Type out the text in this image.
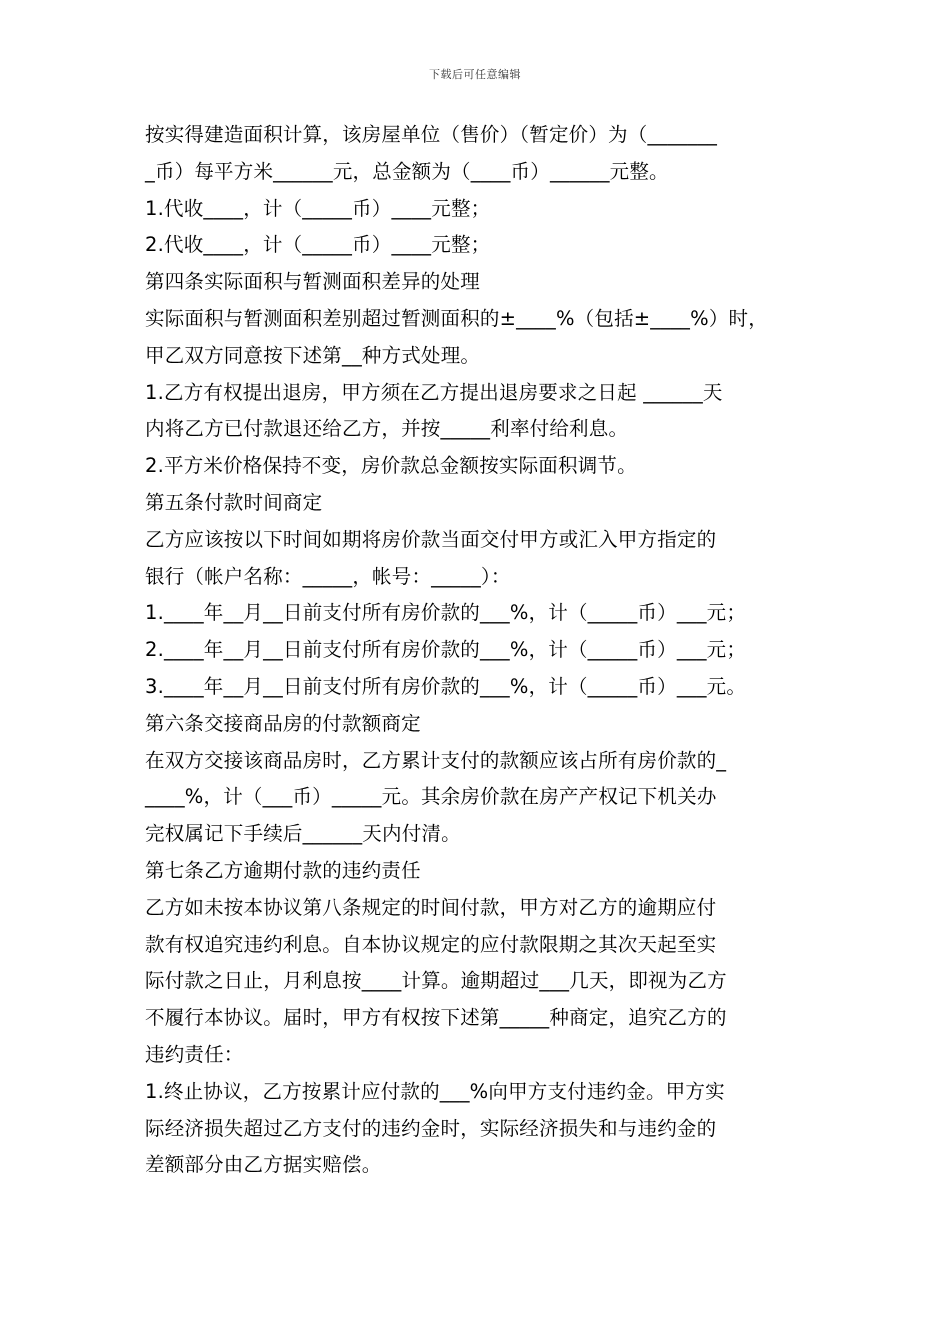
下载后可任意编辑
按实得建造面积计算，该房屋单位（售价）（暂定价）为（_______
_币）每平方米______元，总金额为（____币）______元整。
1.代收____，计（_____币）____元整；
2.代收____，计（_____币）____元整；
第四条实际面积与暂测面积差异的处理
实际面积与暂测面积差别超过暂测面积的±____%（包括±____%）时，
甲乙双方同意按下述第__种方式处理。
1.乙方有权提出退房，甲方须在乙方提出退房要求之日起 ______天
内将乙方已付款退还给乙方，并按_____利率付给利息。
2.平方米价格保持不变，房价款总金额按实际面积调节。
第五条付款时间商定
乙方应该按以下时间如期将房价款当面交付甲方或汇入甲方指定的
银行（帐户名称：_____，帐号：_____）：
1.____年__月__日前支付所有房价款的___%，计（_____币）___元；
2.____年__月__日前支付所有房价款的___%，计（_____币）___元；
3.____年__月__日前支付所有房价款的___%，计（_____币）___元。
第六条交接商品房的付款额商定
在双方交接该商品房时，乙方累计支付的款额应该占所有房价款的_
____%，计（___币）_____元。其余房价款在房产产权记下机关办
完权属记下手续后______天内付清。
第七条乙方逾期付款的违约责任
乙方如未按本协议第八条规定的时间付款，甲方对乙方的逾期应付
款有权追究违约利息。自本协议规定的应付款限期之其次天起至实
际付款之日止，月利息按____计算。逾期超过___几天，即视为乙方
不履行本协议。届时，甲方有权按下述第_____种商定，追究乙方的
违约责任：
1.终止协议，乙方按累计应付款的___%向甲方支付违约金。甲方实
际经济损失超过乙方支付的违约金时，实际经济损失和与违约金的
差额部分由乙方据实赔偿。
